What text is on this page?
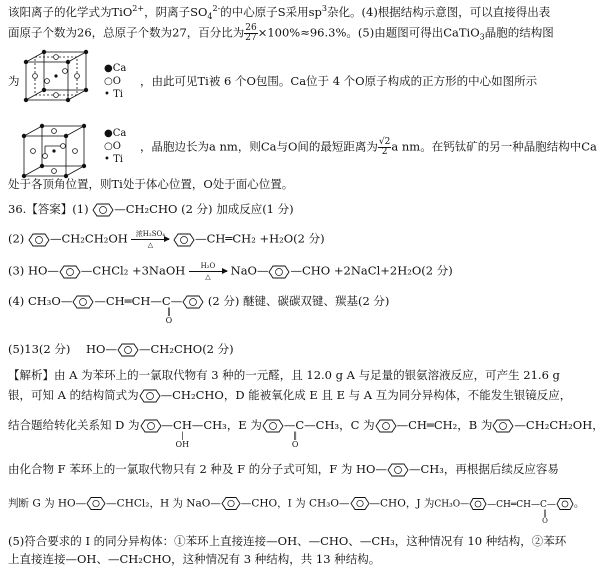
该阳离子的化学式为TiO$^{2+}$，阴离子$SO_4^{2-}$的中心原子S采用$sp^3$杂化。(4)根据结构示意图，可以直接得出表
面原子个数为26，总原子个数为27，百分比为 $\frac{26}{27} \times 100\%\approx 96.3\%$。(5)由题图可得出CaTiO$_3$晶胞的结构图
●Ca
○O
• Ti
为	，由此可见Ti被 6 个O包围。Ca位于 4 个O原子构成的正方形的中心如图所示
●Ca
○O
• Ti
，晶胞边长为a nm，则Ca与O间的最短距离为 $\frac{√2}{2}$ a nm。在钙钛矿的另一种晶胞结构中Ca
处于各顶角位置，则Ti处于体心位置，O处于面心位置。
36.【答案】(1) —CH₂CHO (2 分) 加成反应(1 分)
(2) —CH₂CH₂OH 浓H₂SO₄
△	—CH═CH₂ +H₂O(2 分)
(3) HO— —CHCl₂ +3NaOH H₂O
△ NaO— —CHO +2NaCl+2H₂O(2 分)
(4) CH₃O— —CH═CH—C—
‖
O
(2 分) 醚键、碳碳双键、羰基(2 分)
(5)13(2 分) HO— —CH₂CHO(2 分)
【解析】由 A 为苯环上的一氯取代物有 3 种的一元醛，且 12.0 g A 与足量的银氨溶液反应，可产生 21.6 g
银，可知 A 的结构简式为 —CH₂CHO，D 能被氧化成 E 且 E 与 A 互为同分异构体，不能发生银镜反应，
结合题给转化关系知 D 为 —CH—CH₃
|
OH
，E 为 —C—CH₃
‖
O
，C 为 —CH═CH₂，B 为 —CH₂CH₂OH，
由化合物 F 苯环上的一氯取代物只有 2 种及 F 的分子式可知，F 为 HO— —CH₃，再根据后续反应容易
判断 G 为 HO— —CHCl₂，H 为 NaO— —CHO，I 为 CH₃O— —CHO，J 为CH₃O— —CH═CH—C—
‖
O
。
(5)符合要求的 I 的同分异构体：①苯环上直接连接—OH、—CHO、—CH₃，这种情况有 10 种结构，②苯环
上直接连接—OH、—CH₂CHO，这种情况有 3 种结构，共 13 种结构。
